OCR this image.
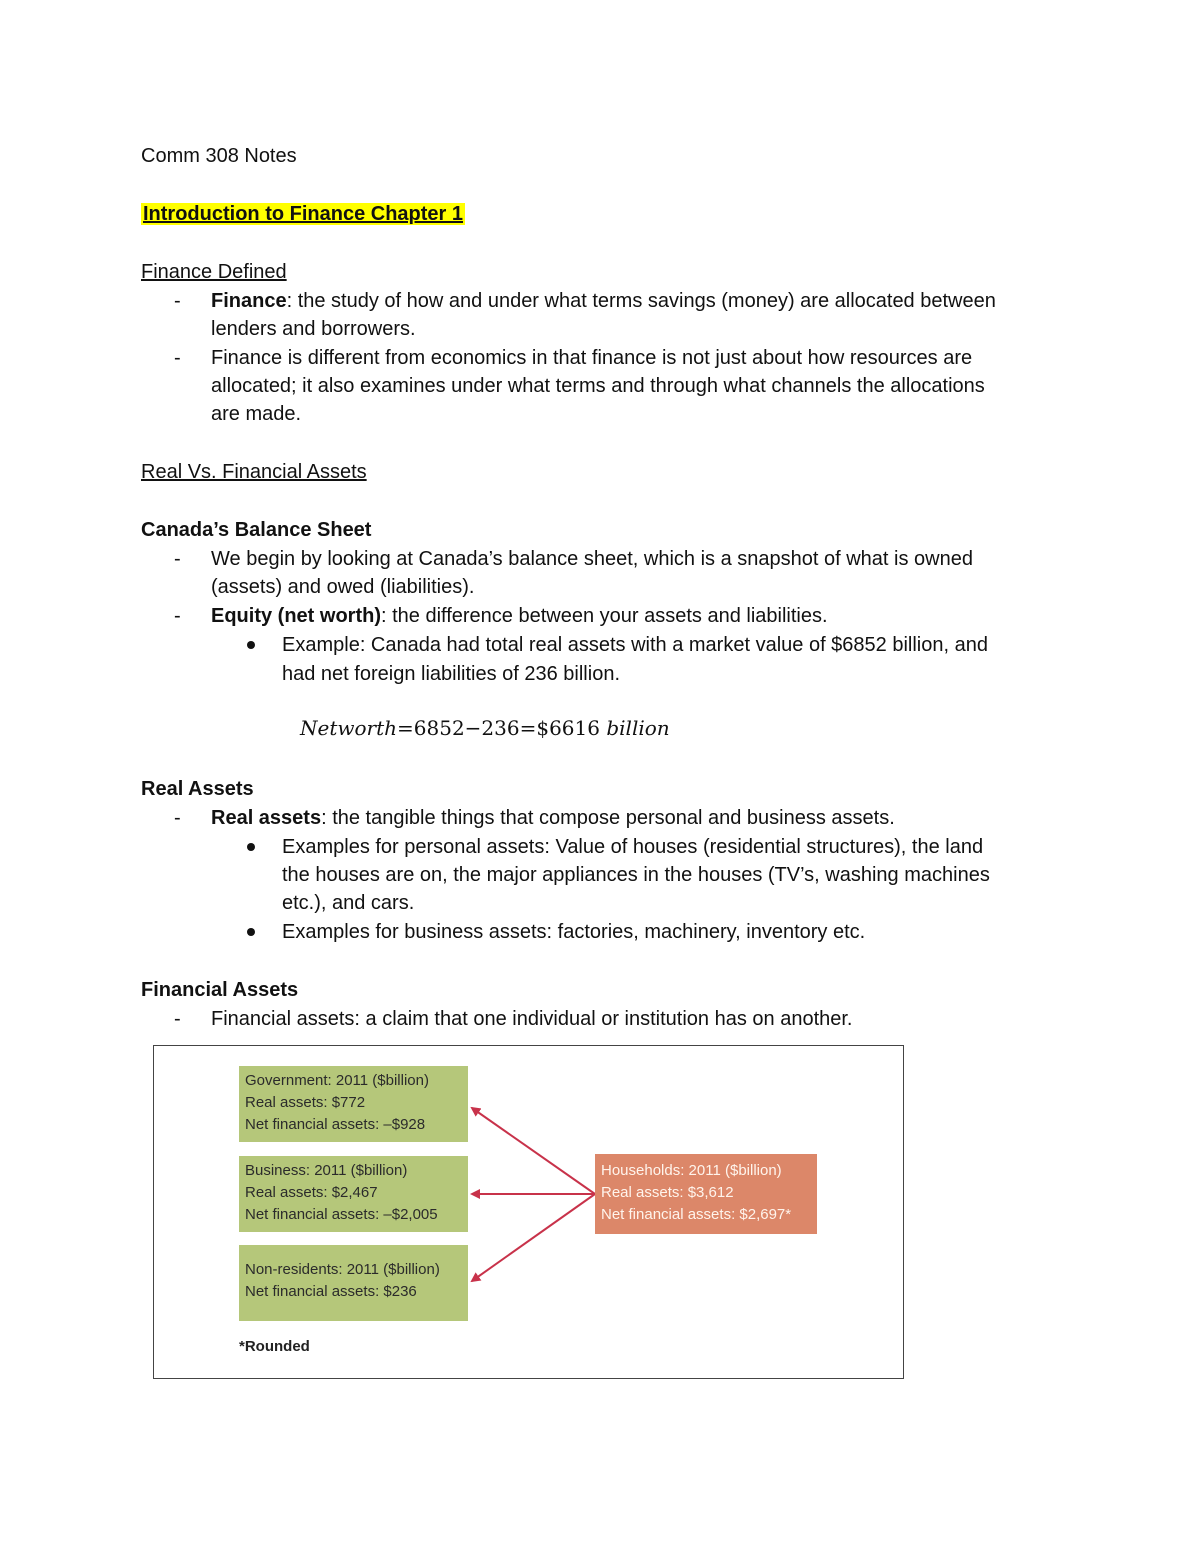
Comm 308 Notes
Introduction to Finance Chapter 1
Finance Defined
- Finance: the study of how and under what terms savings (money) are allocated between
lenders and borrowers.
- Finance is different from economics in that finance is not just about how resources are
allocated; it also examines under what terms and through what channels the allocations
are made.
Real Vs. Financial Assets
Canada’s Balance Sheet
- We begin by looking at Canada’s balance sheet, which is a snapshot of what is owned
(assets) and owed (liabilities).
- Equity (net worth): the difference between your assets and liabilities.
Example: Canada had total real assets with a market value of $6852 billion, and
had net foreign liabilities of 236 billion.
Networth=6852−236=$6616 billion
Real Assets
- Real assets: the tangible things that compose personal and business assets.
Examples for personal assets: Value of houses (residential structures), the land
the houses are on, the major appliances in the houses (TV’s, washing machines
etc.), and cars.
Examples for business assets: factories, machinery, inventory etc.
Financial Assets
- Financial assets: a claim that one individual or institution has on another.
Government: 2011 ($billion)
Real assets: $772
Net financial assets: –$928
Business: 2011 ($billion)
Real assets: $2,467
Net financial assets: –$2,005
Non-residents: 2011 ($billion)
Net financial assets: $236
Households: 2011 ($billion)
Real assets: $3,612
Net financial assets: $2,697*
*Rounded
